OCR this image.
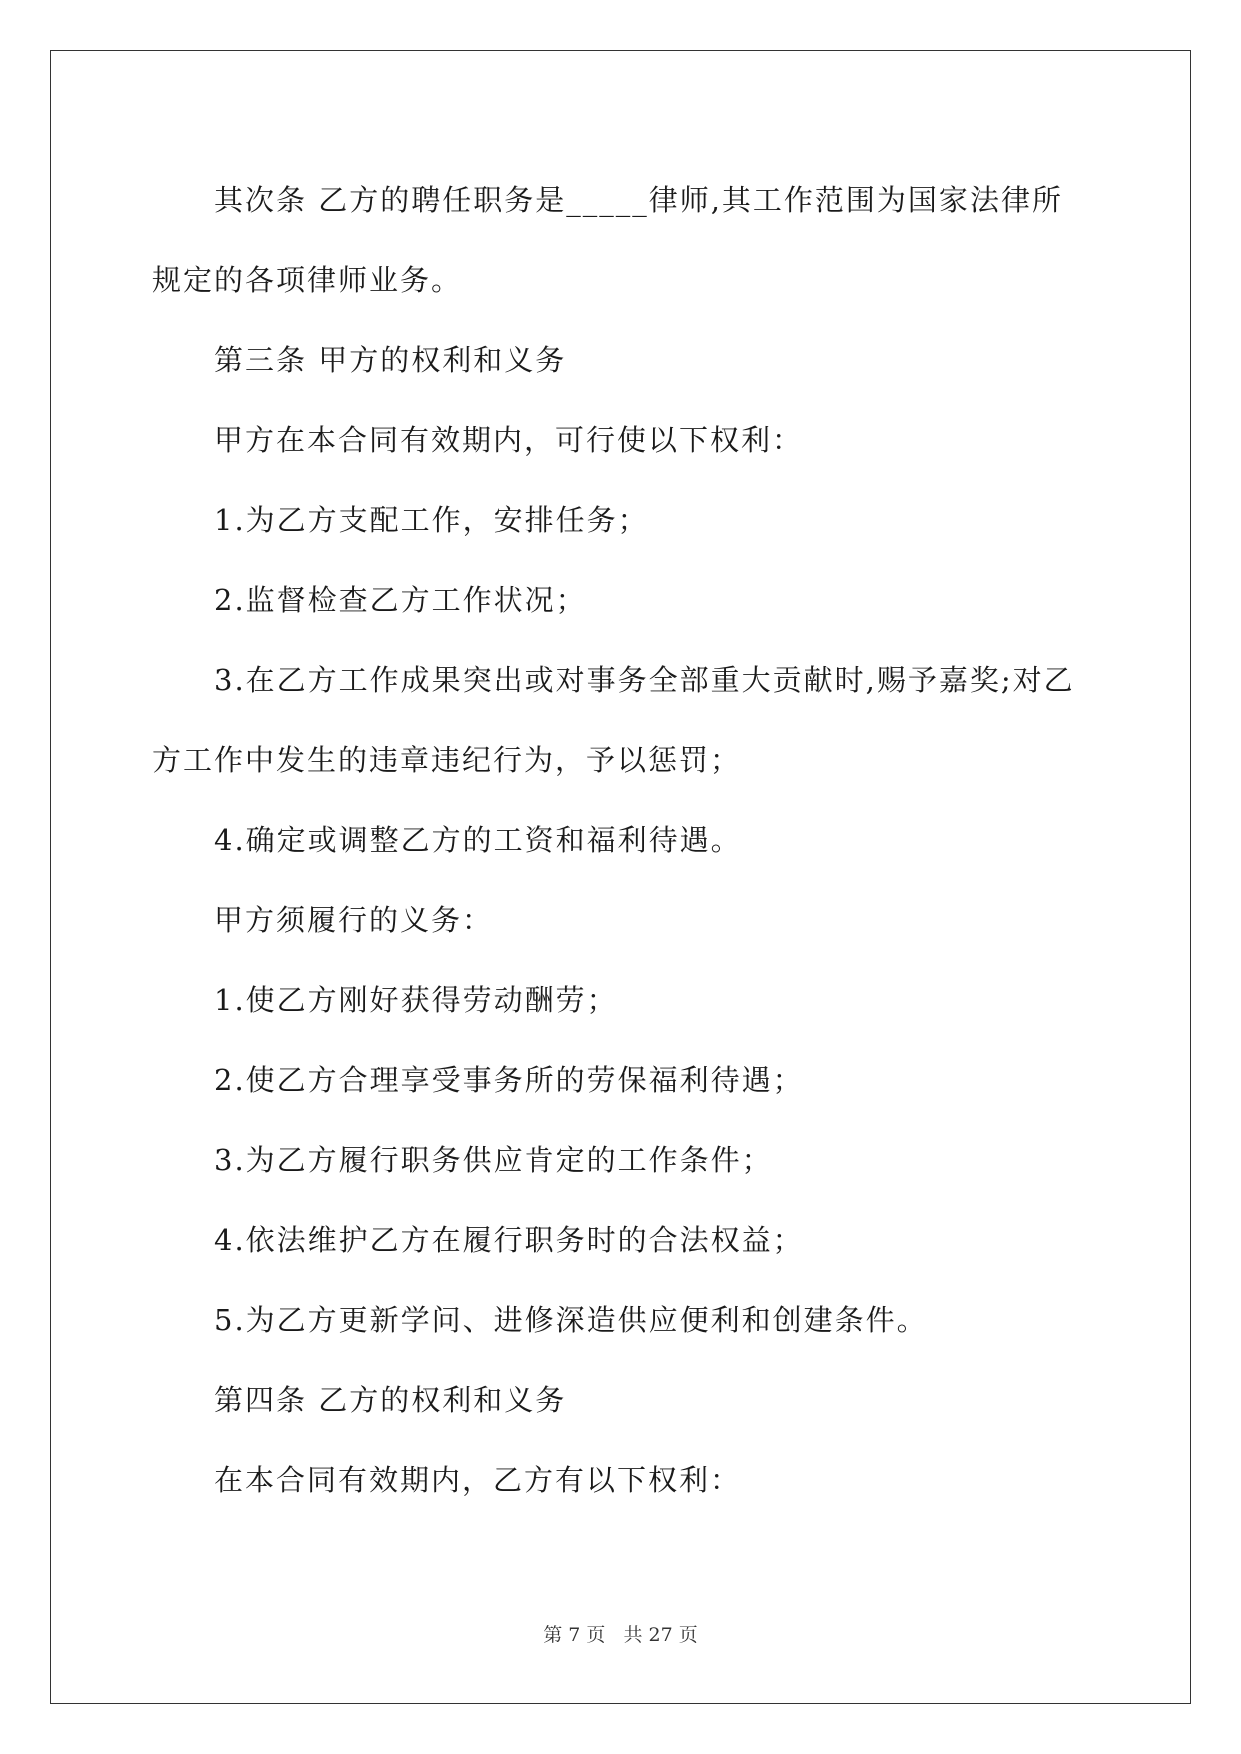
其次条 乙方的聘任职务是_____律师,其工作范围为国家法律所
规定的各项律师业务。
第三条 甲方的权利和义务
甲方在本合同有效期内，可行使以下权利：
1.为乙方支配工作，安排任务；
2.监督检查乙方工作状况；
3.在乙方工作成果突出或对事务全部重大贡献时,赐予嘉奖;对乙
方工作中发生的违章违纪行为，予以惩罚；
4.确定或调整乙方的工资和福利待遇。
甲方须履行的义务：
1.使乙方刚好获得劳动酬劳；
2.使乙方合理享受事务所的劳保福利待遇；
3.为乙方履行职务供应肯定的工作条件；
4.依法维护乙方在履行职务时的合法权益；
5.为乙方更新学问、进修深造供应便利和创建条件。
第四条 乙方的权利和义务
在本合同有效期内，乙方有以下权利：
第 7 页 共 27 页
